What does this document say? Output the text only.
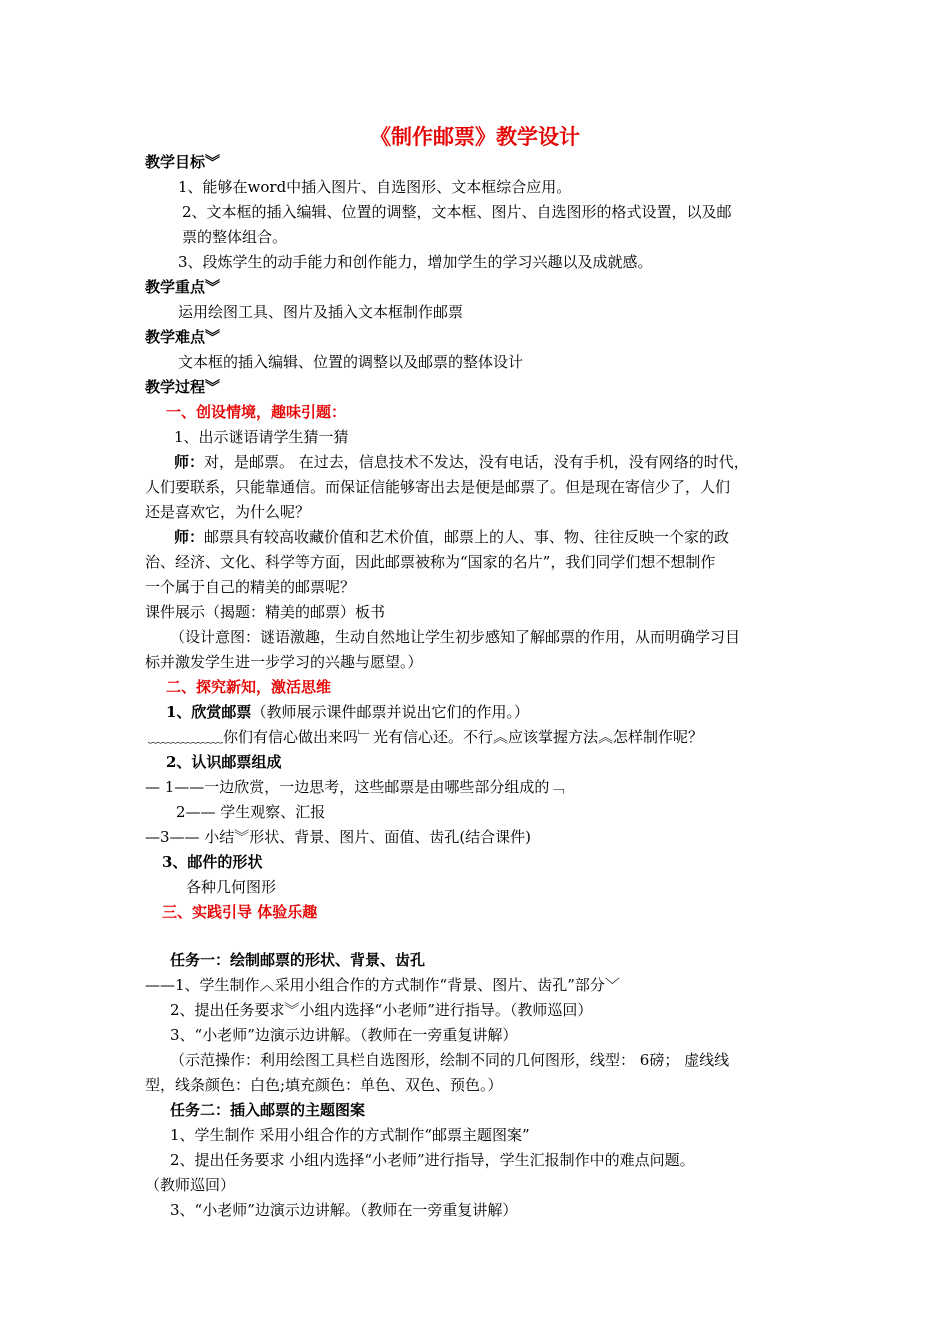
《制作邮票》教学设计
教学目标︾
1、能够在word中插入图片、自选图形、文本框综合应用。
2、文本框的插入编辑、位置的调整，文本框、图片、自选图形的格式设置，以及邮
票的整体组合。
3、段炼学生的动手能力和创作能力，增加学生的学习兴趣以及成就感。
教学重点︾
运用绘图工具、图片及插入文本框制作邮票
教学难点︾
文本框的插入编辑、位置的调整以及邮票的整体设计
教学过程︾
一、创设情境，趣味引题：
1、出示谜语请学生猜一猜
师：对，是邮票。 在过去，信息技术不发达，没有电话，没有手机，没有网络的时代，
人们要联系，只能靠通信。而保证信能够寄出去是便是邮票了。但是现在寄信少了，人们
还是喜欢它，为什么呢？
师：邮票具有较高收藏价值和艺术价值，邮票上的人、事、物、往往反映一个家的政
治、经济、文化、科学等方面，因此邮票被称为“国家的名片”，我们同学们想不想制作
一个属于自己的精美的邮票呢？
课件展示（揭题：精美的邮票）板书
（设计意图：谜语激趣，生动自然地让学生初步感知了解邮票的作用，从而明确学习目
标并激发学生进一步学习的兴趣与愿望。）
二、探究新知，激活思维
1、欣赏邮票（教师展示课件邮票并说出它们的作用。）
﹏﹏﹏﹏﹏你们有信心做出来吗﹂光有信心还。不行︽应该掌握方法︽怎样制作呢？
2、认识邮票组成
— 1——一边欣赏，一边思考，这些邮票是由哪些部分组成的﹁
2—— 学生观察、汇报
—3—— 小结︾形状、背景、图片、面值、齿孔(结合课件)
3、邮件的形状
各种几何图形
三、实践引导 体验乐趣
任务一：绘制邮票的形状、背景、齿孔
——1、学生制作︿采用小组合作的方式制作“背景、图片、齿孔”部分﹀
2、提出任务要求︾小组内选择“小老师”进行指导。（教师巡回）
3、“小老师”边演示边讲解。（教师在一旁重复讲解）
（示范操作：利用绘图工具栏自选图形，绘制不同的几何图形，线型： 6磅； 虚线线
型，线条颜色：白色;填充颜色：单色、双色、预色。）
任务二：插入邮票的主题图案
1、学生制作 采用小组合作的方式制作“邮票主题图案”
2、提出任务要求 小组内选择“小老师”进行指导，学生汇报制作中的难点问题。
（教师巡回）
3、“小老师”边演示边讲解。（教师在一旁重复讲解）
